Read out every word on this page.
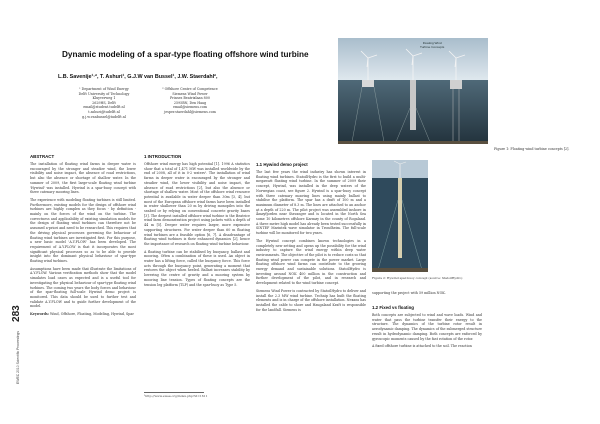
Dynamic modeling of a spar-type floating offshore wind turbine
L.B. Savenije¹·², T. Ashuri¹, G.J.W van Bussel¹, J.W. Staerdahl²,
¹ Department of Wind Energy
Delft University of Technology
Kluyverweg 1
2629HS, Delft
email@student.tudelft.nl
t.ashuri@tudelft.nl
g.j.w.vanbussel@tudelft.nl
² Offshore Centre of Competence
Siemens Wind Power
Prinses Beatrixlaan 800
2595BN, Den Haag
email@siemens.com
jesper.staerdahl@siemens.com
Floating Wind
Turbine Concepts
Figure 1: Floating wind turbine concepts [2].
ABSTRACT

The installation of floating wind farms in deeper water is encouraged by the stronger and steadier wind, the lower visibility and noise impact, the absence of road restrictions, but also the absence or shortage of shallow water. In the summer of 2009, the first large-scale floating wind turbine 'Hywind' was installed. Hywind is a spar-buoy concept with three catenary mooring lines.

The experience with modeling floating turbines is still limited. Furthermore, existing models for the design of offshore wind turbines are highly complex as they focus - by definition - mainly on the forces of the wind on the turbine. The correctness and applicability of existing simulation models for the design of floating wind turbines can therefore not be assumed a-priori and need to be researched. This requires that the driving physical processes governing the behaviour of floating wind turbines are investigated first. For this purpose, a new basic model 'A.Y.FLOW' has been developed. The requirement of A.Y.FLOW is that it incorporates the most significant physical processes so as to be able to provide insight into the dominant physical behaviour of spar-type floating wind turbines.

Assumptions have been made that illustrate the limitations of A.Y.FLOW. Various verification methods show that the model simulates load cases as expected and is a useful tool for investigating the physical behaviour of spar-type floating wind turbines. The coming two years the body forces and behaviour of the spar-floating full-scale Hywind demo project is monitored. This data should be used to further test and validate A.Y.FLOW and to guide further development of the model.

Keywords: Wind, Offshore, Floating, Modeling, Hywind, Spar

1 INTRODUCTION

Offshore wind energy has high potential [1]. 1996 A statistics show that a total of 1,471 MW was installed worldwide by the end of 2008, all of it in 0-2 waters¹. The installation of wind farms in deeper water is encouraged by the stronger and steadier wind, the lower visibility and noise impact, the absence of road restrictions [2], but also the absence or shortage of shallow water. Most of the offshore wind resource potential is available in water deeper than 30m [3, 4], but most of the European offshore wind farms have been installed in water shallower than 20 m by driving monopiles into the seabed or by relying on conventional concrete gravity bases [3]. The deepest installed offshore wind turbine is the Beatrice wind farm demonstration project using jackets with a depth of 44 m [5]. Deeper water requires larger, more expensive supporting structures. For water deeper than 60 m floating wind turbines are a feasible option [6, 7]. A disadvantage of floating wind turbines is their enhanced dynamics [2], hence the importance of research on floating wind turbine behaviour.

A floating turbine can be stabilised by buoyancy, ballast and mooring. Often a combination of these is used. An object in water has a lifting force, called the buoyancy force. This force acts through the buoyancy point, generating a moment that restores the object when heeled. Ballast increases stability by lowering the centre of gravity and a mooring system by mooring line tension. Types of floating concepts are the tension leg platform (TLP) and the spar-buoy as Type 5.

¹http://www.ewea.org/index.php?id=1611
1.1 Hywind demo project

The last few years the wind industry has shown interest in floating wind turbines. StatoilHydro is the first to build a multi-megawatt floating wind turbine. In the summer of 2009 their concept, Hywind, was installed in the deep waters of the Norwegian coast, see figure 2. Hywind is a spar-buoy concept with three catenary mooring lines using mainly ballast to stabilise the platform. The spar has a draft of 100 m and a maximum diameter of 8.3 m. The lines are attached to an anchor at a depth of 220 m. The pilot project was assembled inshore in Åmøyfjorden near Stavanger and is located in the North Sea some 10 kilometres offshore Karmøy in the county of Rogaland. A three metre high model has already been tested successfully in SINTEF Marintek wave simulator in Trondheim. The full-scale turbine will be monitored for two years.

The Hywind concept combines known technologies in a completely new setting and opens up the possibility for the wind industry to capture the wind energy within deep water environments. The objective of the pilot is to reduce costs so that floating wind power can compete in the power market. Large floating offshore wind farms can contribute to the growing energy demand and sustainable solutions. StatoilHydro is investing around NOK 400 million in the construction and further development of the pilot, and in research and development related to the wind turbine concept.

Siemens Wind Power is contracted by StatoilHydro to deliver and install the 2.3 MW wind turbine. Technip has built the floating elements and is in charge of the offshore installation. Nexans has installed the cable to shore and Haugaland Kraft is responsible for the landfall. Siemens is

Figure 2: Hywind spar-buoy concept (source: StatoilHydro)

supporting the project with 59 million NOK.

1.2 Fixed vs floating

Both concepts are subjected to wind and wave loads. Wind and water that pass the turbine transfer their energy to the structure. The dynamics of the turbine rotor result in aerodynamic damping. The dynamics of the submerged structure result in hydrodynamic damping. Both concepts are enforced by gyroscopic moments caused by the fast rotation of the rotor.

A fixed offshore turbine is attached to the soil. The reaction

EWEC 2010 Scientific Proceedings 283
